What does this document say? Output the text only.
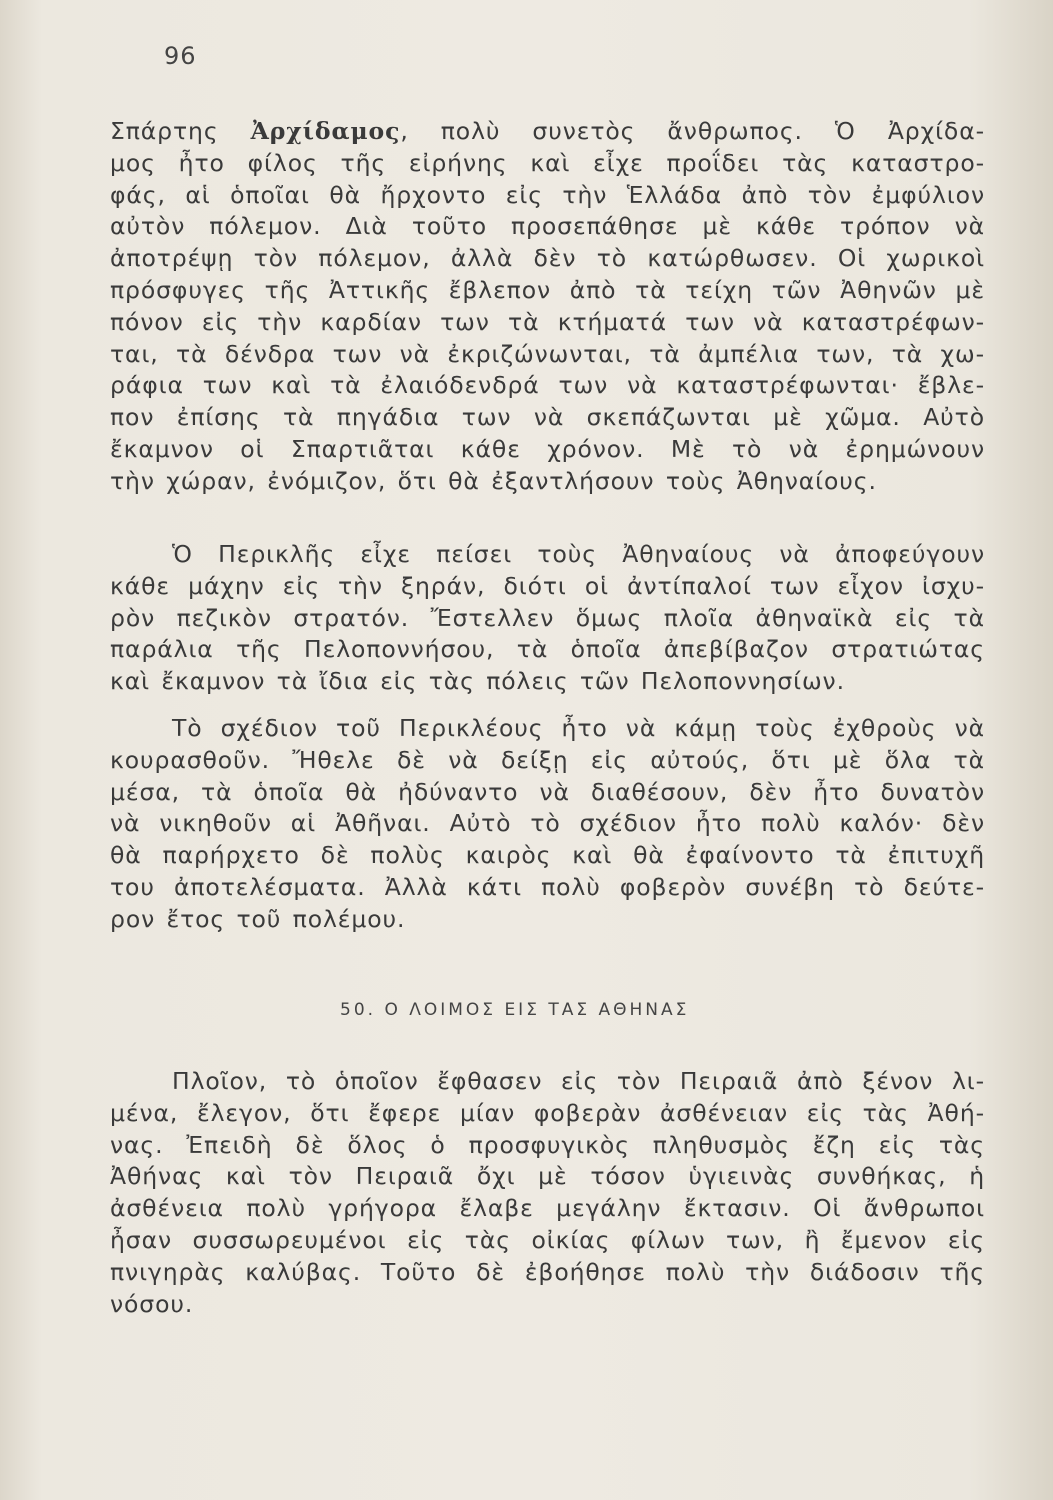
96
Σπάρτης Ἀρχίδαμος, πολὺ συνετὸς ἄνθρωπος. Ὁ Ἀρχίδα-
μος ἦτο φίλος τῆς εἰρήνης καὶ εἶχε προΐδει τὰς καταστρο-
φάς, αἱ ὁποῖαι θὰ ἤρχοντο εἰς τὴν Ἑλλάδα ἀπὸ τὸν ἐμφύλιον
αὐτὸν πόλεμον. Διὰ τοῦτο προσεπάθησε μὲ κάθε τρόπον νὰ
ἀποτρέψῃ τὸν πόλεμον, ἀλλὰ δὲν τὸ κατώρθωσεν. Οἱ χωρικοὶ
πρόσφυγες τῆς Ἀττικῆς ἔβλεπον ἀπὸ τὰ τείχη τῶν Ἀθηνῶν μὲ
πόνον εἰς τὴν καρδίαν των τὰ κτήματά των νὰ καταστρέφων-
ται, τὰ δένδρα των νὰ ἐκριζώνωνται, τὰ ἀμπέλια των, τὰ χω-
ράφια των καὶ τὰ ἐλαιόδενδρά των νὰ καταστρέφωνται· ἔβλε-
πον ἐπίσης τὰ πηγάδια των νὰ σκεπάζωνται μὲ χῶμα. Αὐτὸ
ἔκαμνον οἱ Σπαρτιᾶται κάθε χρόνον. Μὲ τὸ νὰ ἐρημώνουν
τὴν χώραν, ἐνόμιζον, ὅτι θὰ ἐξαντλήσουν τοὺς Ἀθηναίους.
Ὁ Περικλῆς εἶχε πείσει τοὺς Ἀθηναίους νὰ ἀποφεύγουν
κάθε μάχην εἰς τὴν ξηράν, διότι οἱ ἀντίπαλοί των εἶχον ἰσχυ-
ρὸν πεζικὸν στρατόν. Ἔστελλεν ὅμως πλοῖα ἀθηναϊκὰ εἰς τὰ
παράλια τῆς Πελοποννήσου, τὰ ὁποῖα ἀπεβίβαζον στρατιώτας
καὶ ἔκαμνον τὰ ἴδια εἰς τὰς πόλεις τῶν Πελοποννησίων.
Τὸ σχέδιον τοῦ Περικλέους ἦτο νὰ κάμῃ τοὺς ἐχθροὺς νὰ
κουρασθοῦν. Ἤθελε δὲ νὰ δείξῃ εἰς αὐτούς, ὅτι μὲ ὅλα τὰ
μέσα, τὰ ὁποῖα θὰ ἠδύναντο νὰ διαθέσουν, δὲν ἦτο δυνατὸν
νὰ νικηθοῦν αἱ Ἀθῆναι. Αὐτὸ τὸ σχέδιον ἦτο πολὺ καλόν· δὲν
θὰ παρήρχετο δὲ πολὺς καιρὸς καὶ θὰ ἐφαίνοντο τὰ ἐπιτυχῆ
του ἀποτελέσματα. Ἀλλὰ κάτι πολὺ φοβερὸν συνέβη τὸ δεύτε-
ρον ἔτος τοῦ πολέμου.
50. Ο ΛΟΙΜΟΣ ΕΙΣ ΤΑΣ ΑΘΗΝΑΣ
Πλοῖον, τὸ ὁποῖον ἔφθασεν εἰς τὸν Πειραιᾶ ἀπὸ ξένον λι-
μένα, ἔλεγον, ὅτι ἔφερε μίαν φοβερὰν ἀσθένειαν εἰς τὰς Ἀθή-
νας. Ἐπειδὴ δὲ ὅλος ὁ προσφυγικὸς πληθυσμὸς ἔζη εἰς τὰς
Ἀθήνας καὶ τὸν Πειραιᾶ ὄχι μὲ τόσον ὑγιεινὰς συνθήκας, ἡ
ἀσθένεια πολὺ γρήγορα ἔλαβε μεγάλην ἔκτασιν. Οἱ ἄνθρωποι
ἦσαν συσσωρευμένοι εἰς τὰς οἰκίας φίλων των, ἢ ἔμενον εἰς
πνιγηρὰς καλύβας. Τοῦτο δὲ ἐβοήθησε πολὺ τὴν διάδοσιν τῆς
νόσου.
